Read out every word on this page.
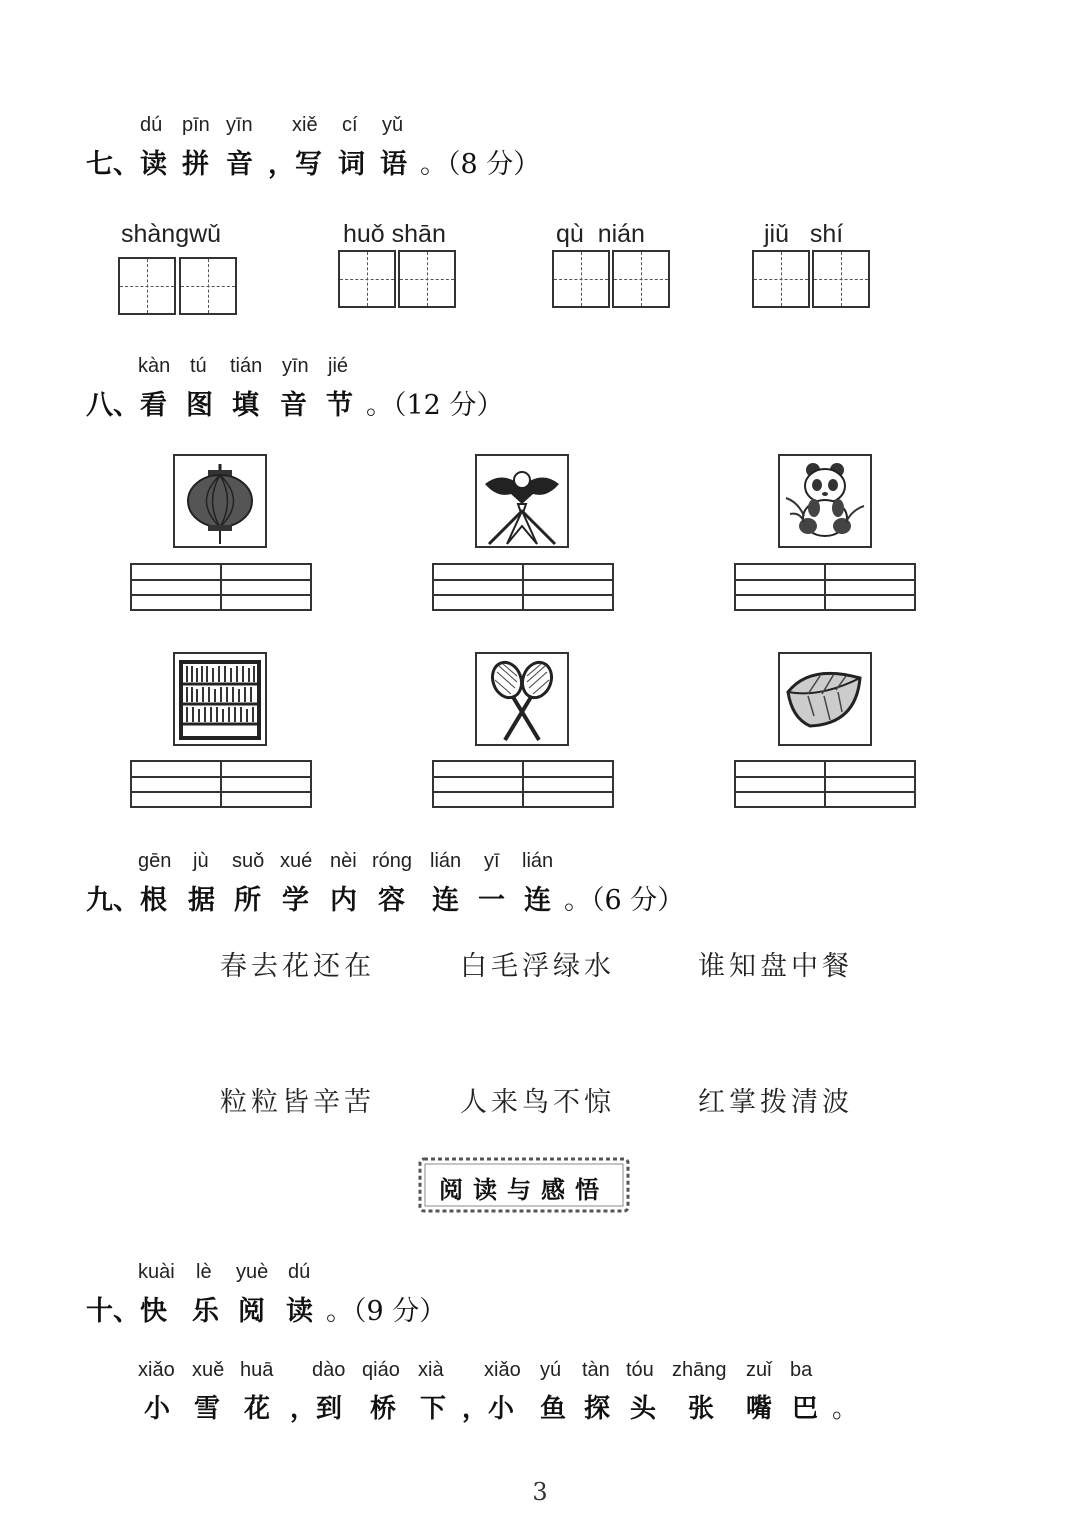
dú pīn yīn xiě cí yǔ
七、读 拼 音 ，写 词 语 。（8 分）
shàngwǔ	huǒ shān	qù  nián	jiǔ   shí
kàn tú tián yīn jié
八、看 图 填 音 节 。（12 分）
gēn jù suǒ xué nèi róng lián yī lián
九、根 据 所 学 内 容 连 一 连 。（6 分）
春去花还在	白毛浮绿水	谁知盘中餐
粒粒皆辛苦	人来鸟不惊	红掌拨清波
阅读与感悟
kuài lè yuè dú
十、快 乐 阅 读 。（9 分）
xiǎo xuě huā dào qiáo xià xiǎo yú tàn tóu zhāng zuǐ ba
小 雪 花 ，到 桥 下 ，小 鱼 探 头 张 嘴 巴 。
3
